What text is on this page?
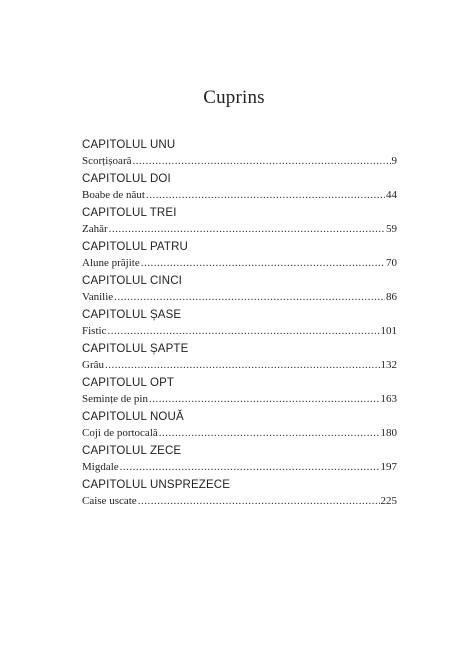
Cuprins
CAPITOLUL UNU
Scorțișoară .....	9
CAPITOLUL DOI
Boabe de năut .....	44
CAPITOLUL TREI
Zahăr .....	59
CAPITOLUL PATRU
Alune prăjite .....	70
CAPITOLUL CINCI
Vanilie .....	86
CAPITOLUL ȘASE
Fistic .....	101
CAPITOLUL ȘAPTE
Grâu .....	132
CAPITOLUL OPT
Semințe de pin .....	163
CAPITOLUL NOUĂ
Coji de portocală .....	180
CAPITOLUL ZECE
Migdale .....	197
CAPITOLUL UNSPREZECE
Caise uscate .....	225
